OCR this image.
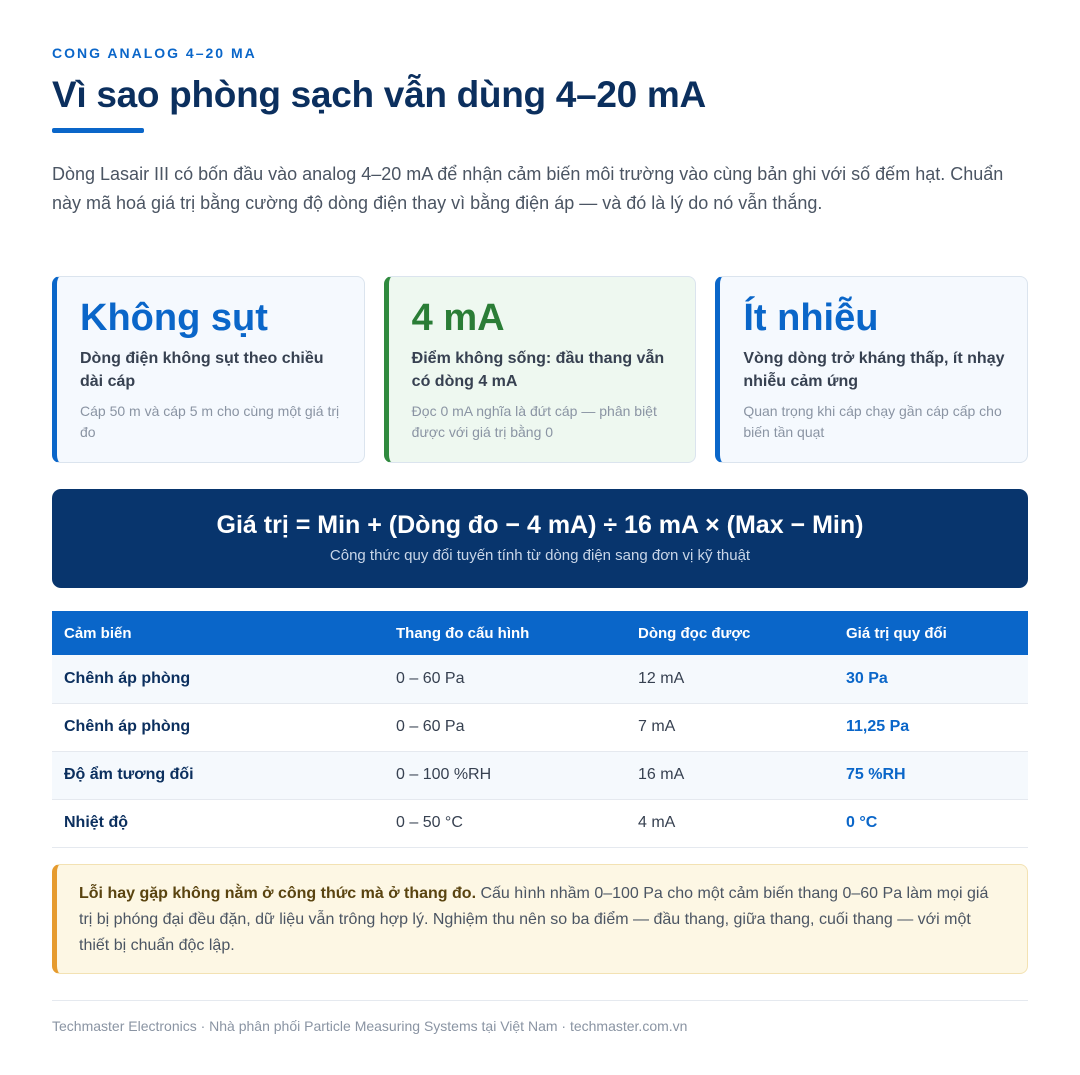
CONG ANALOG 4–20 MA
Vì sao phòng sạch vẫn dùng 4–20 mA

Dòng Lasair III có bốn đầu vào analog 4–20 mA để nhận cảm biến môi trường vào cùng bản ghi với số đếm hạt. Chuẩn này mã hoá giá trị bằng cường độ dòng điện thay vì bằng điện áp — và đó là lý do nó vẫn thắng.

Không sụt
Dòng điện không sụt theo chiều dài cáp
Cáp 50 m và cáp 5 m cho cùng một giá trị đo
4 mA
Điểm không sống: đầu thang vẫn có dòng 4 mA
Đọc 0 mA nghĩa là đứt cáp — phân biệt được với giá trị bằng 0
Ít nhiễu
Vòng dòng trở kháng thấp, ít nhạy nhiễu cảm ứng
Quan trọng khi cáp chạy gần cáp cấp cho biến tần quạt
Giá trị = Min + (Dòng đo − 4 mA) ÷ 16 mA × (Max − Min)
Công thức quy đổi tuyến tính từ dòng điện sang đơn vị kỹ thuật
Cảm biến	Thang đo cấu hình	Dòng đọc được	Giá trị quy đổi
Chênh áp phòng	0 – 60 Pa	12 mA	30 Pa
Chênh áp phòng	0 – 60 Pa	7 mA	11,25 Pa
Độ ẩm tương đối	0 – 100 %RH	16 mA	75 %RH
Nhiệt độ	0 – 50 °C	4 mA	0 °C
Lỗi hay gặp không nằm ở công thức mà ở thang đo. Cấu hình nhầm 0–100 Pa cho một cảm biến thang 0–60 Pa làm mọi giá trị bị phóng đại đều đặn, dữ liệu vẫn trông hợp lý. Nghiệm thu nên so ba điểm — đầu thang, giữa thang, cuối thang — với một thiết bị chuẩn độc lập.
Techmaster Electronics · Nhà phân phối Particle Measuring Systems tại Việt Nam · techmaster.com.vn
